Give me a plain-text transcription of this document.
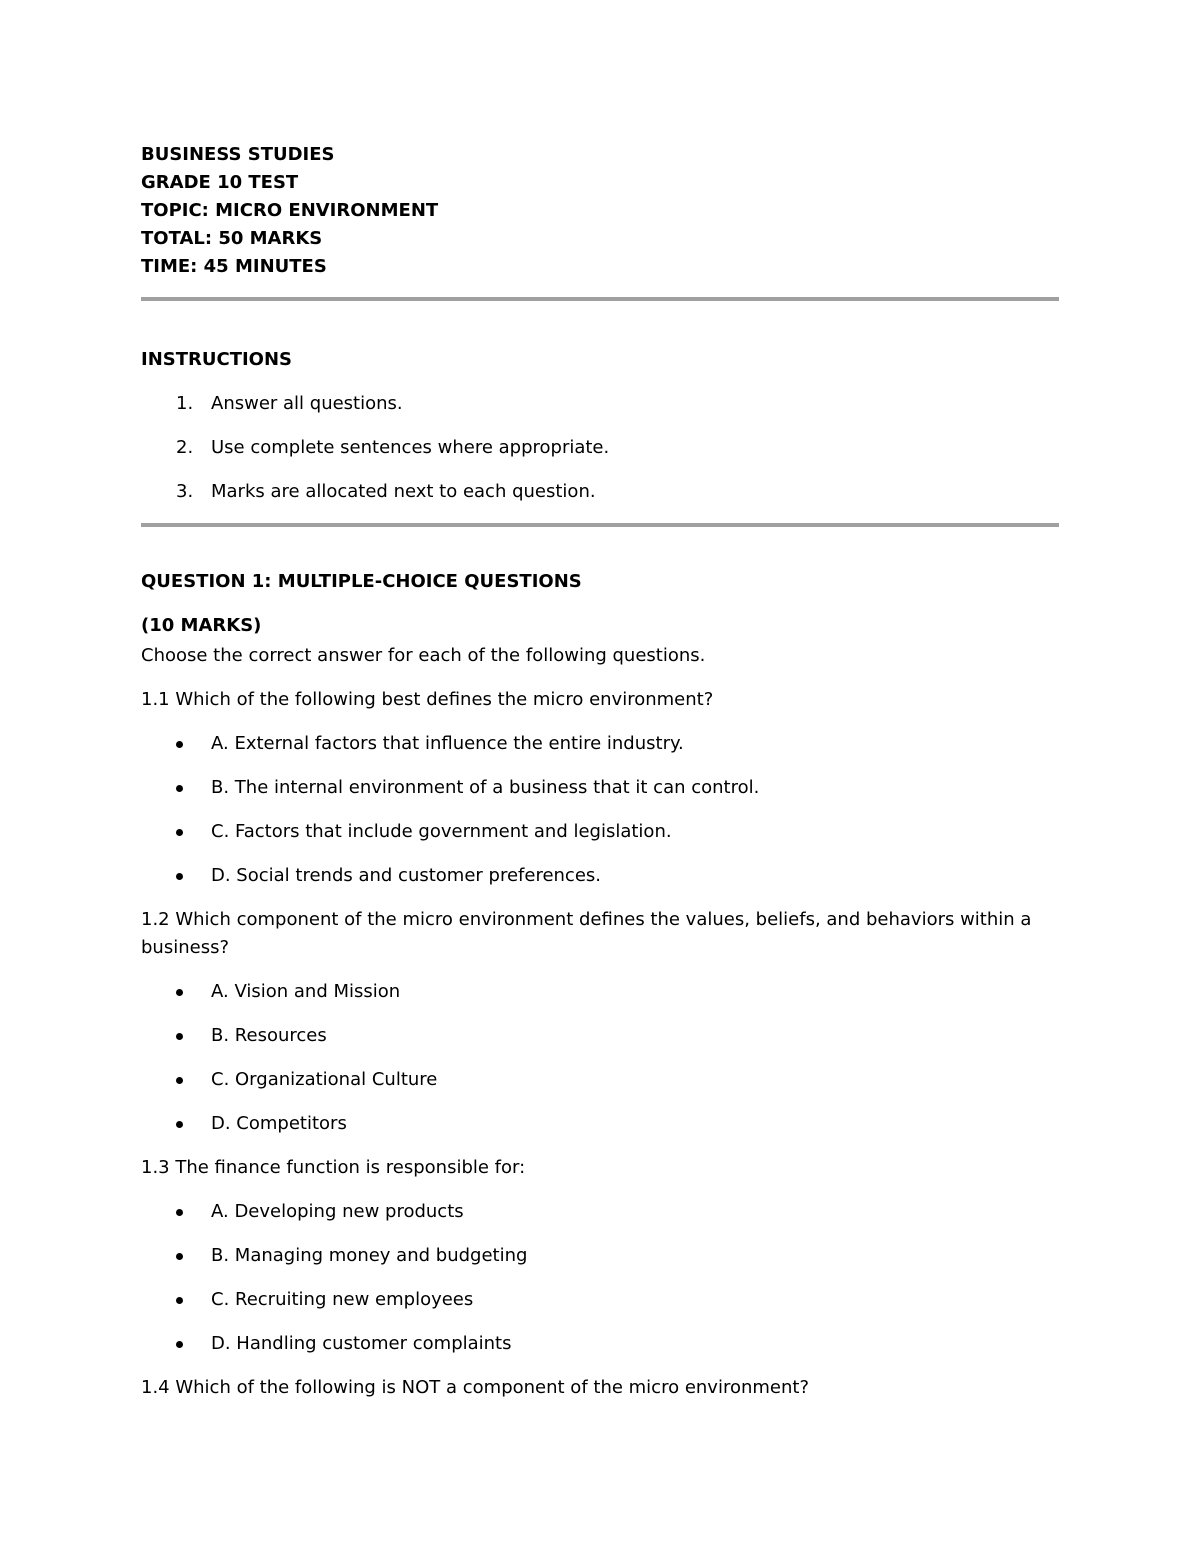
BUSINESS STUDIES
GRADE 10 TEST
TOPIC: MICRO ENVIRONMENT
TOTAL: 50 MARKS
TIME: 45 MINUTES
INSTRUCTIONS
1. Answer all questions.
2. Use complete sentences where appropriate.
3. Marks are allocated next to each question.
QUESTION 1: MULTIPLE-CHOICE QUESTIONS
(10 MARKS)
Choose the correct answer for each of the following questions.
1.1 Which of the following best defines the micro environment?
A. External factors that influence the entire industry.
B. The internal environment of a business that it can control.
C. Factors that include government and legislation.
D. Social trends and customer preferences.
1.2 Which component of the micro environment defines the values, beliefs, and behaviors within a business?
A. Vision and Mission
B. Resources
C. Organizational Culture
D. Competitors
1.3 The finance function is responsible for:
A. Developing new products
B. Managing money and budgeting
C. Recruiting new employees
D. Handling customer complaints
1.4 Which of the following is NOT a component of the micro environment?
